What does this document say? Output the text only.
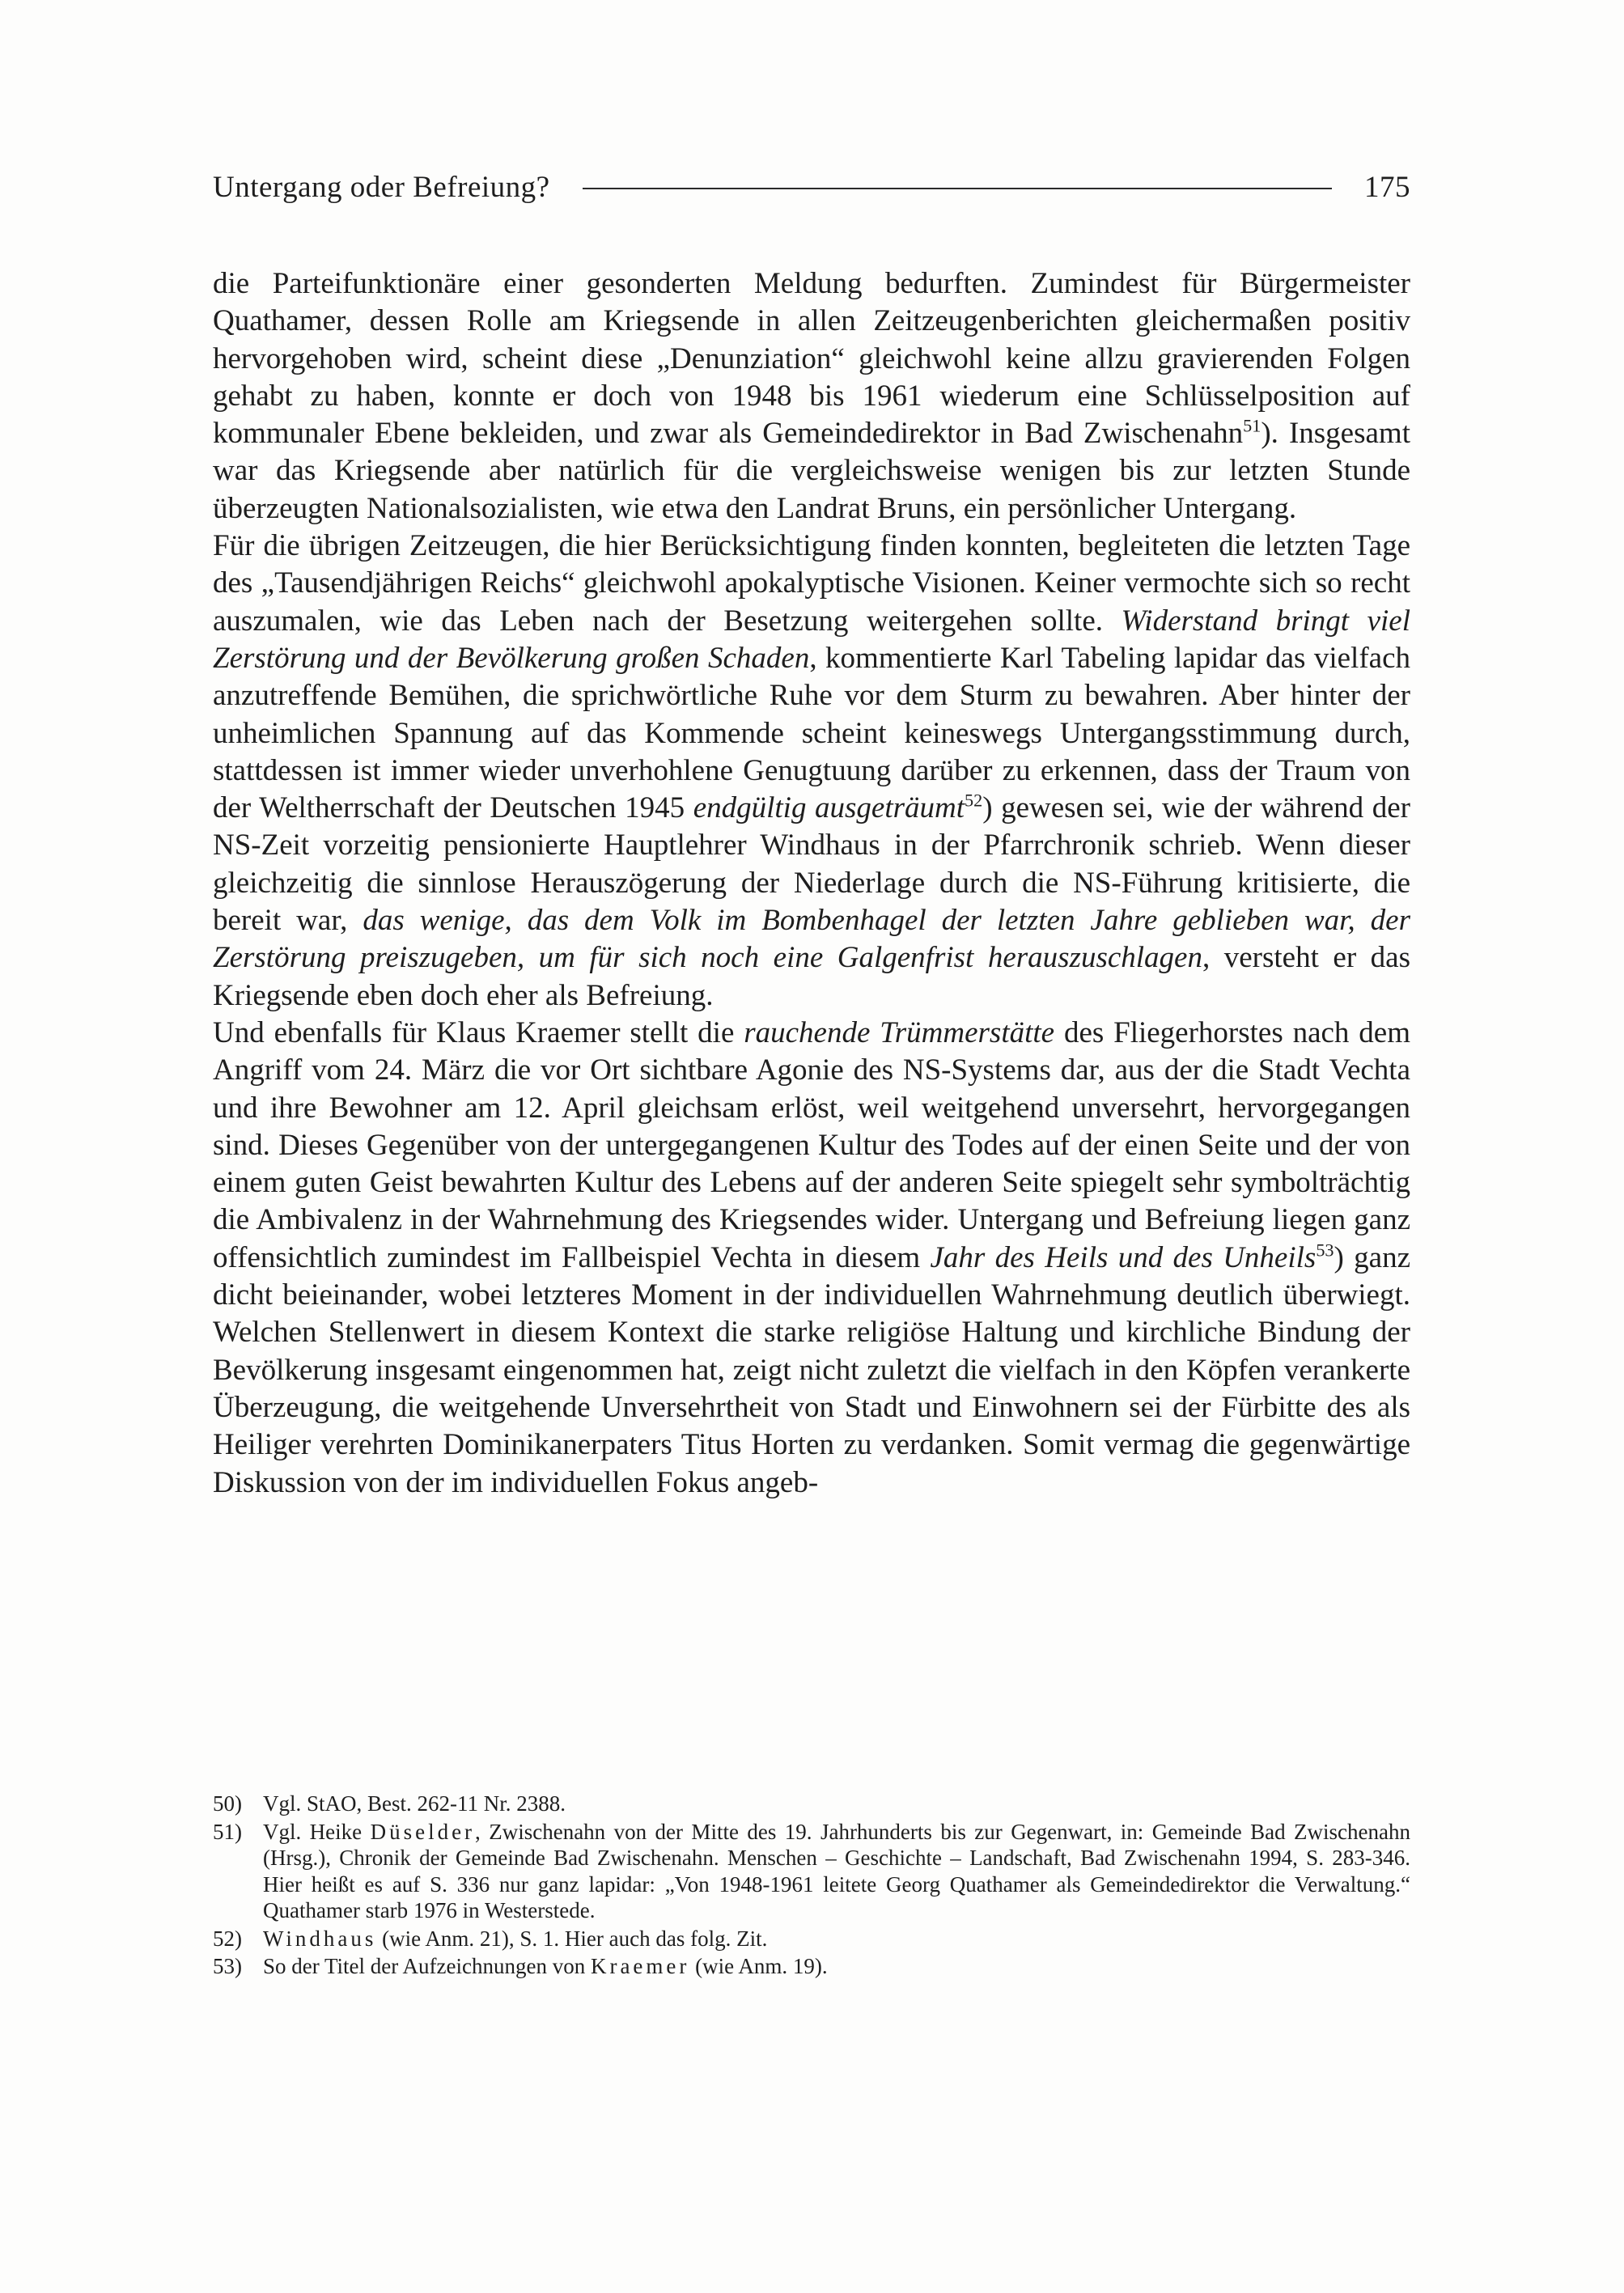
Untergang oder Befreiung?	175

die Parteifunktionäre einer gesonderten Meldung bedurften. Zumindest für Bürgermeister Quathamer, dessen Rolle am Kriegsende in allen Zeitzeugenberichten gleichermaßen positiv hervorgehoben wird, scheint diese „Denunziation“ gleichwohl keine allzu gravierenden Folgen gehabt zu haben, konnte er doch von 1948 bis 1961 wiederum eine Schlüsselposition auf kommunaler Ebene bekleiden, und zwar als Gemeindedirektor in Bad Zwischenahn$^{51}$). Insgesamt war das Kriegsende aber natürlich für die vergleichsweise wenigen bis zur letzten Stunde überzeugten Nationalsozialisten, wie etwa den Landrat Bruns, ein persönlicher Untergang.

Für die übrigen Zeitzeugen, die hier Berücksichtigung finden konnten, begleiteten die letzten Tage des „Tausendjährigen Reichs“ gleichwohl apokalyptische Visionen. Keiner vermochte sich so recht auszumalen, wie das Leben nach der Besetzung weitergehen sollte. Widerstand bringt viel Zerstörung und der Bevölkerung großen Schaden, kommentierte Karl Tabeling lapidar das vielfach anzutreffende Bemühen, die sprichwörtliche Ruhe vor dem Sturm zu bewahren. Aber hinter der unheimlichen Spannung auf das Kommende scheint keineswegs Untergangsstimmung durch, stattdessen ist immer wieder unverhohlene Genugtuung darüber zu erkennen, dass der Traum von der Weltherrschaft der Deutschen 1945 endgültig ausgeträumt$^{52}$) gewesen sei, wie der während der NS-Zeit vorzeitig pensionierte Hauptlehrer Windhaus in der Pfarrchronik schrieb. Wenn dieser gleichzeitig die sinnlose Herauszögerung der Niederlage durch die NS-Führung kritisierte, die bereit war, das wenige, das dem Volk im Bombenhagel der letzten Jahre geblieben war, der Zerstörung preiszugeben, um für sich noch eine Galgenfrist herauszuschlagen, versteht er das Kriegsende eben doch eher als Befreiung.

Und ebenfalls für Klaus Kraemer stellt die rauchende Trümmerstätte des Fliegerhorstes nach dem Angriff vom 24. März die vor Ort sichtbare Agonie des NS-Systems dar, aus der die Stadt Vechta und ihre Bewohner am 12. April gleichsam erlöst, weil weitgehend unversehrt, hervorgegangen sind. Dieses Gegenüber von der untergegangenen Kultur des Todes auf der einen Seite und der von einem guten Geist bewahrten Kultur des Lebens auf der anderen Seite spiegelt sehr symbolträchtig die Ambivalenz in der Wahrnehmung des Kriegsendes wider. Untergang und Befreiung liegen ganz offensichtlich zumindest im Fallbeispiel Vechta in diesem Jahr des Heils und des Unheils$^{53}$) ganz dicht beieinander, wobei letzteres Moment in der individuellen Wahrnehmung deutlich überwiegt. Welchen Stellenwert in diesem Kontext die starke religiöse Haltung und kirchliche Bindung der Bevölkerung insgesamt eingenommen hat, zeigt nicht zuletzt die vielfach in den Köpfen verankerte Überzeugung, die weitgehende Unversehrtheit von Stadt und Einwohnern sei der Fürbitte des als Heiliger verehrten Dominikanerpaters Titus Horten zu verdanken. Somit vermag die gegenwärtige Diskussion von der im individuellen Fokus angeb-

50) Vgl. StAO, Best. 262-11 Nr. 2388.
51) Vgl. Heike Düselder, Zwischenahn von der Mitte des 19. Jahrhunderts bis zur Gegenwart, in: Gemeinde Bad Zwischenahn (Hrsg.), Chronik der Gemeinde Bad Zwischenahn. Menschen – Geschichte – Landschaft, Bad Zwischenahn 1994, S. 283-346. Hier heißt es auf S. 336 nur ganz lapidar: „Von 1948-1961 leitete Georg Quathamer als Gemeindedirektor die Verwaltung.“ Quathamer starb 1976 in Westerstede.
52) Windhaus (wie Anm. 21), S. 1. Hier auch das folg. Zit.
53) So der Titel der Aufzeichnungen von Kraemer (wie Anm. 19).
